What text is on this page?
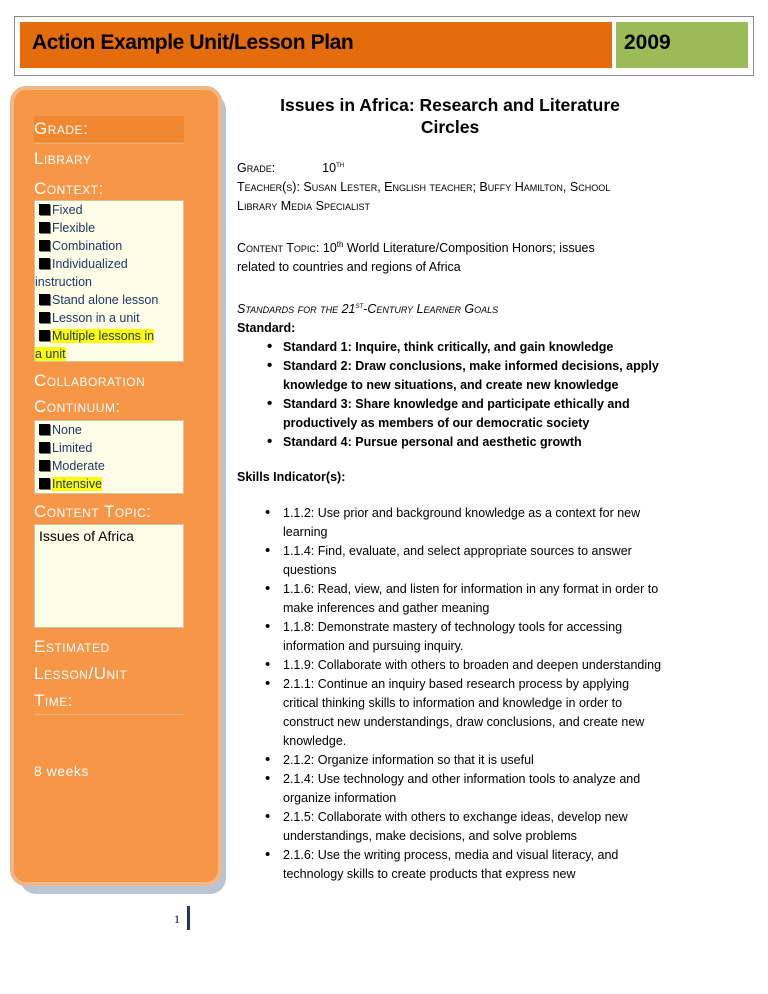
Action Example Unit/Lesson Plan	2009
Grade:
Library
Context:
Fixed
Flexible
Combination
Individualized
instruction
Stand alone lesson
Lesson in a unit
Multiple lessons in
a unit
Collaboration
Continuum:
None
Limited
Moderate
Intensive
Content Topic:
Issues of Africa
Estimated
Lesson/Unit
Time:
8 weeks
Issues in Africa: Research and Literature
Circles
Grade:	10th
Teacher(s): Susan Lester, English teacher; Buffy Hamilton, School
Library Media Specialist
Content Topic: 10th World Literature/Composition Honors; issues
related to countries and regions of Africa
Standards for the 21st-Century Learner Goals
Standard:
• Standard 1: Inquire, think critically, and gain knowledge
• Standard 2: Draw conclusions, make informed decisions, apply knowledge to new situations, and create new knowledge
• Standard 3: Share knowledge and participate ethically and productively as members of our democratic society
• Standard 4: Pursue personal and aesthetic growth
Skills Indicator(s):
• 1.1.2: Use prior and background knowledge as a context for new learning
• 1.1.4: Find, evaluate, and select appropriate sources to answer questions
• 1.1.6: Read, view, and listen for information in any format in order to make inferences and gather meaning
• 1.1.8: Demonstrate mastery of technology tools for accessing information and pursuing inquiry.
• 1.1.9: Collaborate with others to broaden and deepen understanding
• 2.1.1: Continue an inquiry based research process by applying critical thinking skills to information and knowledge in order to construct new understandings, draw conclusions, and create new knowledge.
• 2.1.2: Organize information so that it is useful
• 2.1.4: Use technology and other information tools to analyze and organize information
• 2.1.5: Collaborate with others to exchange ideas, develop new understandings, make decisions, and solve problems
• 2.1.6: Use the writing process, media and visual literacy, and technology skills to create products that express new
1
